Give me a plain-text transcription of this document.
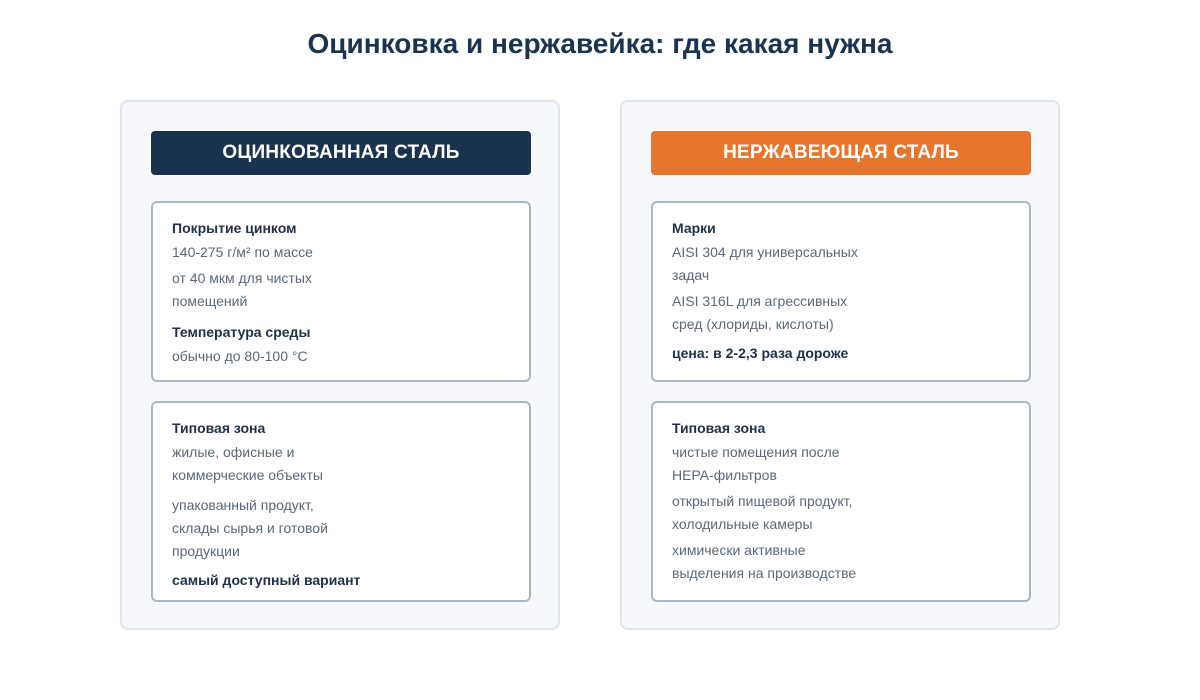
Оцинковка и нержавейка: где какая нужна
ОЦИНКОВАННАЯ СТАЛЬ
Покрытие цинком
140-275 г/м² по массе
от 40 мкм для чистых помещений
Температура среды
обычно до 80-100 °C
Типовая зона
жилые, офисные и коммерческие объекты
упакованный продукт, склады сырья и готовой продукции
самый доступный вариант
НЕРЖАВЕЮЩАЯ СТАЛЬ
Марки
AISI 304 для универсальных задач
AISI 316L для агрессивных сред (хлориды, кислоты)
цена: в 2-2,3 раза дороже
Типовая зона
чистые помещения после HEPA-фильтров
открытый пищевой продукт, холодильные камеры
химически активные выделения на производстве
